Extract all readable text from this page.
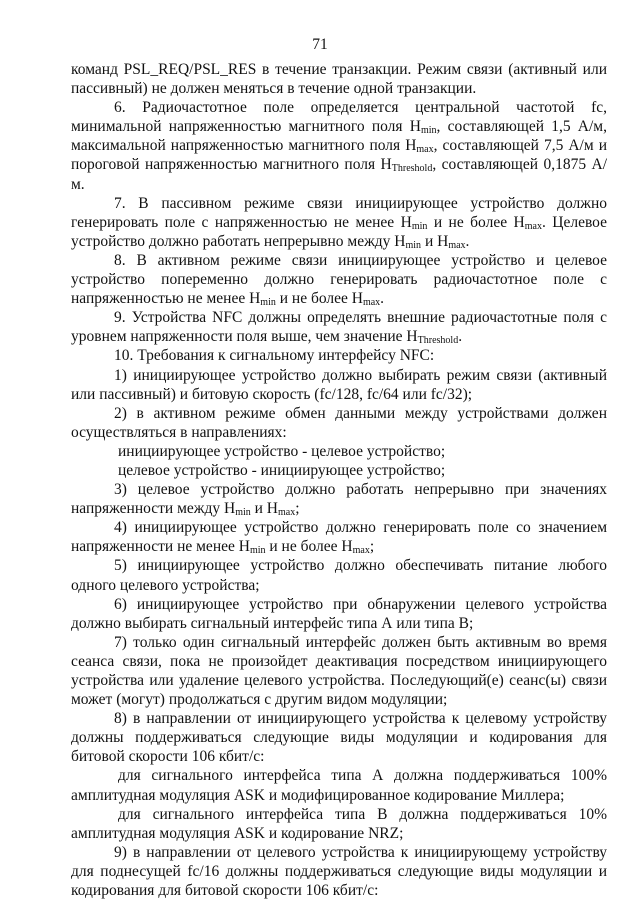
71

команд PSL_REQ/PSL_RES в течение транзакции. Режим связи (активный или пассивный) не должен меняться в течение одной транзакции.

6. Радиочастотное поле определяется центральной частотой fc, минимальной напряженностью магнитного поля $H_{min}$, составляющей 1,5 А/м, максимальной напряженностью магнитного поля $H_{max}$, составляющей 7,5 А/м и пороговой напряженностью магнитного поля $H_{Threshold}$, составляющей 0,1875 А/м.

7. В пассивном режиме связи инициирующее устройство должно генерировать поле с напряженностью не менее $H_{min}$ и не более $H_{max}$. Целевое устройство должно работать непрерывно между $H_{min}$ и $H_{max}$.

8. В активном режиме связи инициирующее устройство и целевое устройство попеременно должно генерировать радиочастотное поле с напряженностью не менее $H_{min}$ и не более $H_{max}$.

9. Устройства NFC должны определять внешние радиочастотные поля с уровнем напряженности поля выше, чем значение $H_{Threshold}$.

10. Требования к сигнальному интерфейсу NFC:

1) инициирующее устройство должно выбирать режим связи (активный или пассивный) и битовую скорость (fc/128, fc/64 или fc/32);

2) в активном режиме обмен данными между устройствами должен осуществляться в направлениях:

инициирующее устройство - целевое устройство;

целевое устройство - инициирующее устройство;

3) целевое устройство должно работать непрерывно при значениях напряженности между $H_{min}$ и $H_{max}$;

4) инициирующее устройство должно генерировать поле со значением напряженности не менее $H_{min}$ и не более $H_{max}$;

5) инициирующее устройство должно обеспечивать питание любого одного целевого устройства;

6) инициирующее устройство при обнаружении целевого устройства должно выбирать сигнальный интерфейс типа А или типа В;

7) только один сигнальный интерфейс должен быть активным во время сеанса связи, пока не произойдет деактивация посредством инициирующего устройства или удаление целевого устройства. Последующий(е) сеанс(ы) связи может (могут) продолжаться с другим видом модуляции;

8) в направлении от инициирующего устройства к целевому устройству должны поддерживаться следующие виды модуляции и кодирования для битовой скорости 106 кбит/с:

для сигнального интерфейса типа А должна поддерживаться 100% амплитудная модуляция ASK и модифицированное кодирование Миллера;

для сигнального интерфейса типа В должна поддерживаться 10% амплитудная модуляция ASK и кодирование NRZ;

9) в направлении от целевого устройства к инициирующему устройству для поднесущей fc/16 должны поддерживаться следующие виды модуляции и кодирования для битовой скорости 106 кбит/с:
